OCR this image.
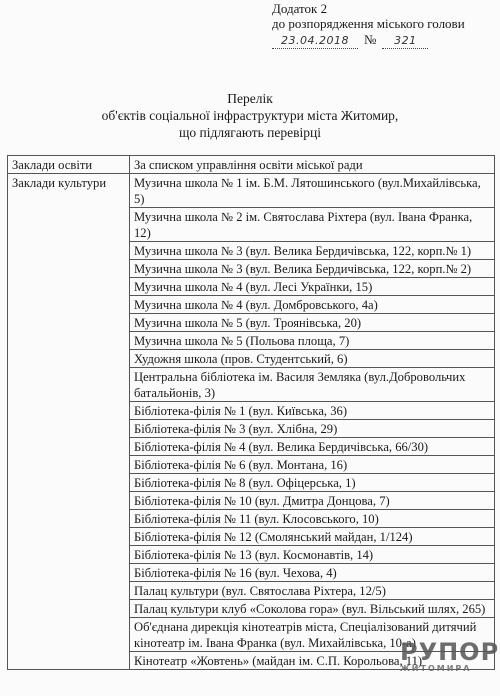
Додаток 2
до розпорядження міського голови
23.04.2018	№	321
Перелік
об'єктів соціальної інфраструктури міста Житомир,
що підлягають перевірці
Заклади освіти	За списком управління освіти міської ради
Заклади культури	Музична школа № 1 ім. Б.М. Лятошинського (вул.Михайлівська, 5)
	Музична школа № 2 ім. Святослава Ріхтера (вул. Івана Франка, 12)
	Музична школа № 3 (вул. Велика Бердичівська, 122, корп.№ 1)
	Музична школа № 3 (вул. Велика Бердичівська, 122, корп.№ 2)
	Музична школа № 4 (вул. Лесі Українки, 15)
	Музична школа № 4 (вул. Домбровського, 4а)
	Музична школа № 5 (вул. Троянівська, 20)
	Музична школа № 5 (Польова площа, 7)
	Художня школа (пров. Студентський, 6)
	Центральна бібліотека ім. Василя Земляка (вул.Добровольчих батальйонів, 3)
	Бібліотека-філія № 1 (вул. Київська, 36)
	Бібліотека-філія № 3 (вул. Хлібна, 29)
	Бібліотека-філія № 4 (вул. Велика Бердичівська, 66/30)
	Бібліотека-філія № 6 (вул. Монтана, 16)
	Бібліотека-філія № 8 (вул. Офіцерська, 1)
	Бібліотека-філія № 10 (вул. Дмитра Донцова, 7)
	Бібліотека-філія № 11 (вул. Клосовського, 10)
	Бібліотека-філія № 12 (Смолянський майдан, 1/124)
	Бібліотека-філія № 13 (вул. Космонавтів, 14)
	Бібліотека-філія № 16 (вул. Чехова, 4)
	Палац культури (вул. Святослава Ріхтера, 12/5)
	Палац культури клуб «Соколова гора» (вул. Вільський шлях, 265)
	Об'єднана дирекція кінотеатрів міста, Спеціалізований дитячий кінотеатр ім. Івана Франка (вул. Михайлівська, 10-а)
	Кінотеатр «Жовтень» (майдан ім. С.П. Корольова, 11)
РУПОР
ЖИТОМИРА
